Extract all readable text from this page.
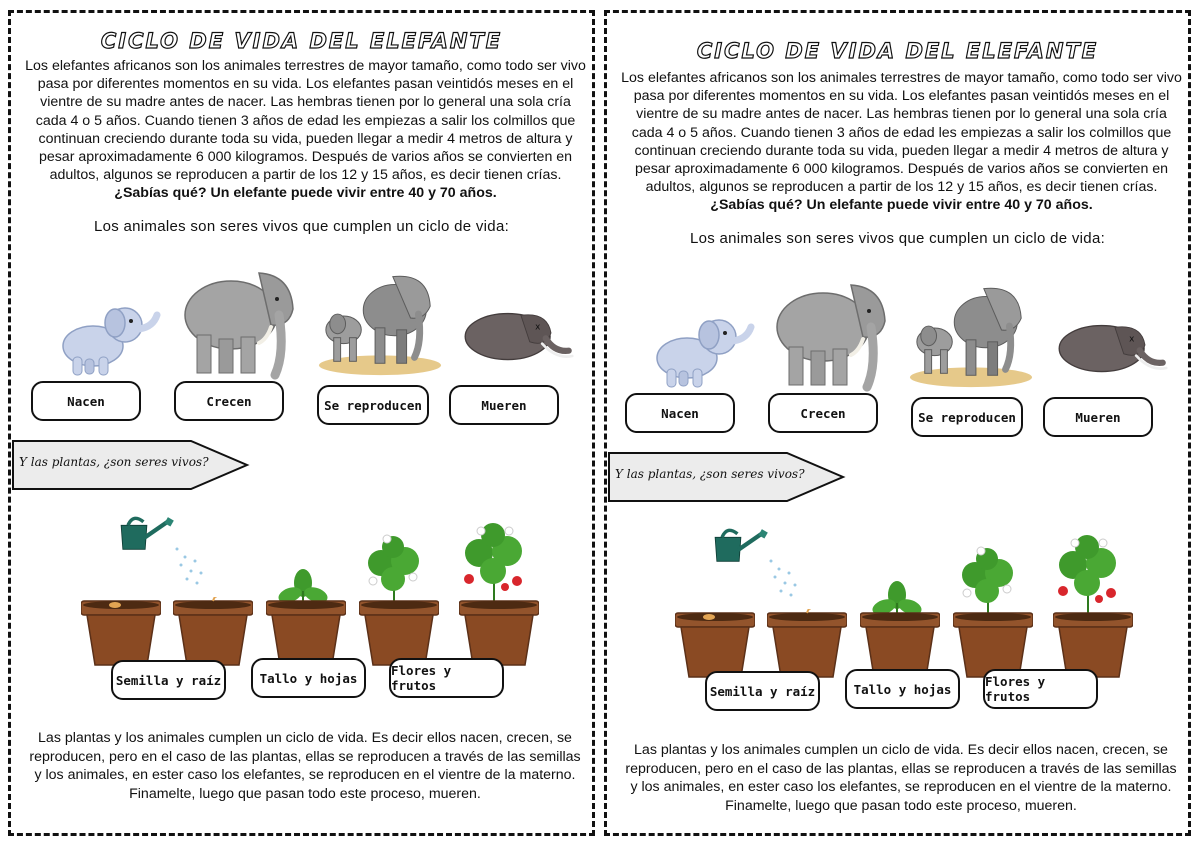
CICLO DE VIDA DEL ELEFANTE
Los elefantes africanos son los animales terrestres de mayor tamaño, como todo ser vivo pasa por diferentes momentos en su vida. Los elefantes pasan veintidós meses en el vientre de su madre antes de nacer. Las hembras tienen por lo general una sola cría cada 4 o 5 años. Cuando tienen 3 años de edad les empiezas a salir los colmillos que continuan creciendo durante toda su vida, pueden llegar a medir 4 metros de altura y pesar aproximadamente 6 000 kilogramos. Después de varios años se convierten en adultos, algunos se reproducen a partir de los 12 y 15 años, es decir tienen crías. ¿Sabías qué? Un elefante puede vivir entre 40 y 70 años.
Los animales son seres vivos que cumplen un ciclo de vida:
Nacen	Crecen	Se reproducen	Mueren
Y las plantas, ¿son seres vivos?
Semilla y raíz	Tallo y hojas	Flores y frutos
Las plantas y los animales cumplen un ciclo de vida. Es decir ellos nacen, crecen, se reproducen, pero en el caso de las plantas, ellas se reproducen a través de las semillas y los animales, en ester caso los elefantes, se reproducen en el vientre de la materno. Finamelte, luego que pasan todo este proceso, mueren.
CICLO DE VIDA DEL ELEFANTE
Los elefantes africanos son los animales terrestres de mayor tamaño, como todo ser vivo pasa por diferentes momentos en su vida. Los elefantes pasan veintidós meses en el vientre de su madre antes de nacer. Las hembras tienen por lo general una sola cría cada 4 o 5 años. Cuando tienen 3 años de edad les empiezas a salir los colmillos que continuan creciendo durante toda su vida, pueden llegar a medir 4 metros de altura y pesar aproximadamente 6 000 kilogramos. Después de varios años se convierten en adultos, algunos se reproducen a partir de los 12 y 15 años, es decir tienen crías. ¿Sabías qué? Un elefante puede vivir entre 40 y 70 años.
Los animales son seres vivos que cumplen un ciclo de vida:
Nacen	Crecen	Se reproducen	Mueren
Y las plantas, ¿son seres vivos?
Semilla y raíz	Tallo y hojas	Flores y frutos
Las plantas y los animales cumplen un ciclo de vida. Es decir ellos nacen, crecen, se reproducen, pero en el caso de las plantas, ellas se reproducen a través de las semillas y los animales, en ester caso los elefantes, se reproducen en el vientre de la materno. Finamelte, luego que pasan todo este proceso, mueren.
